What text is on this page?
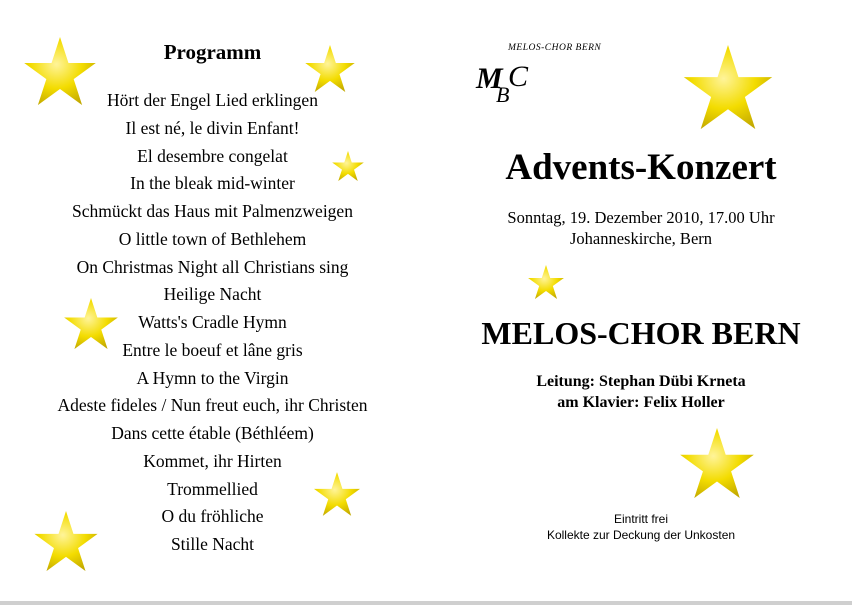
Programm
Hört der Engel Lied erklingen
Il est né, le divin Enfant!
El desembre congelat
In the bleak mid-winter
Schmückt das Haus mit Palmenzweigen
O little town of Bethlehem
On Christmas Night all Christians sing
Heilige Nacht
Watts's Cradle Hymn
Entre le boeuf et lâne gris
A Hymn to the Virgin
Adeste fideles / Nun freut euch, ihr Christen
Dans cette étable (Béthléem)
Kommet, ihr Hirten
Trommellied
O du fröhliche
Stille Nacht
MELOS-CHOR BERN
M
B
C
Advents-Konzert
Sonntag, 19. Dezember 2010, 17.00 Uhr
Johanneskirche, Bern
MELOS-CHOR BERN
Leitung: Stephan Dübi Krneta
am Klavier: Felix Holler
Eintritt frei
Kollekte zur Deckung der Unkosten
